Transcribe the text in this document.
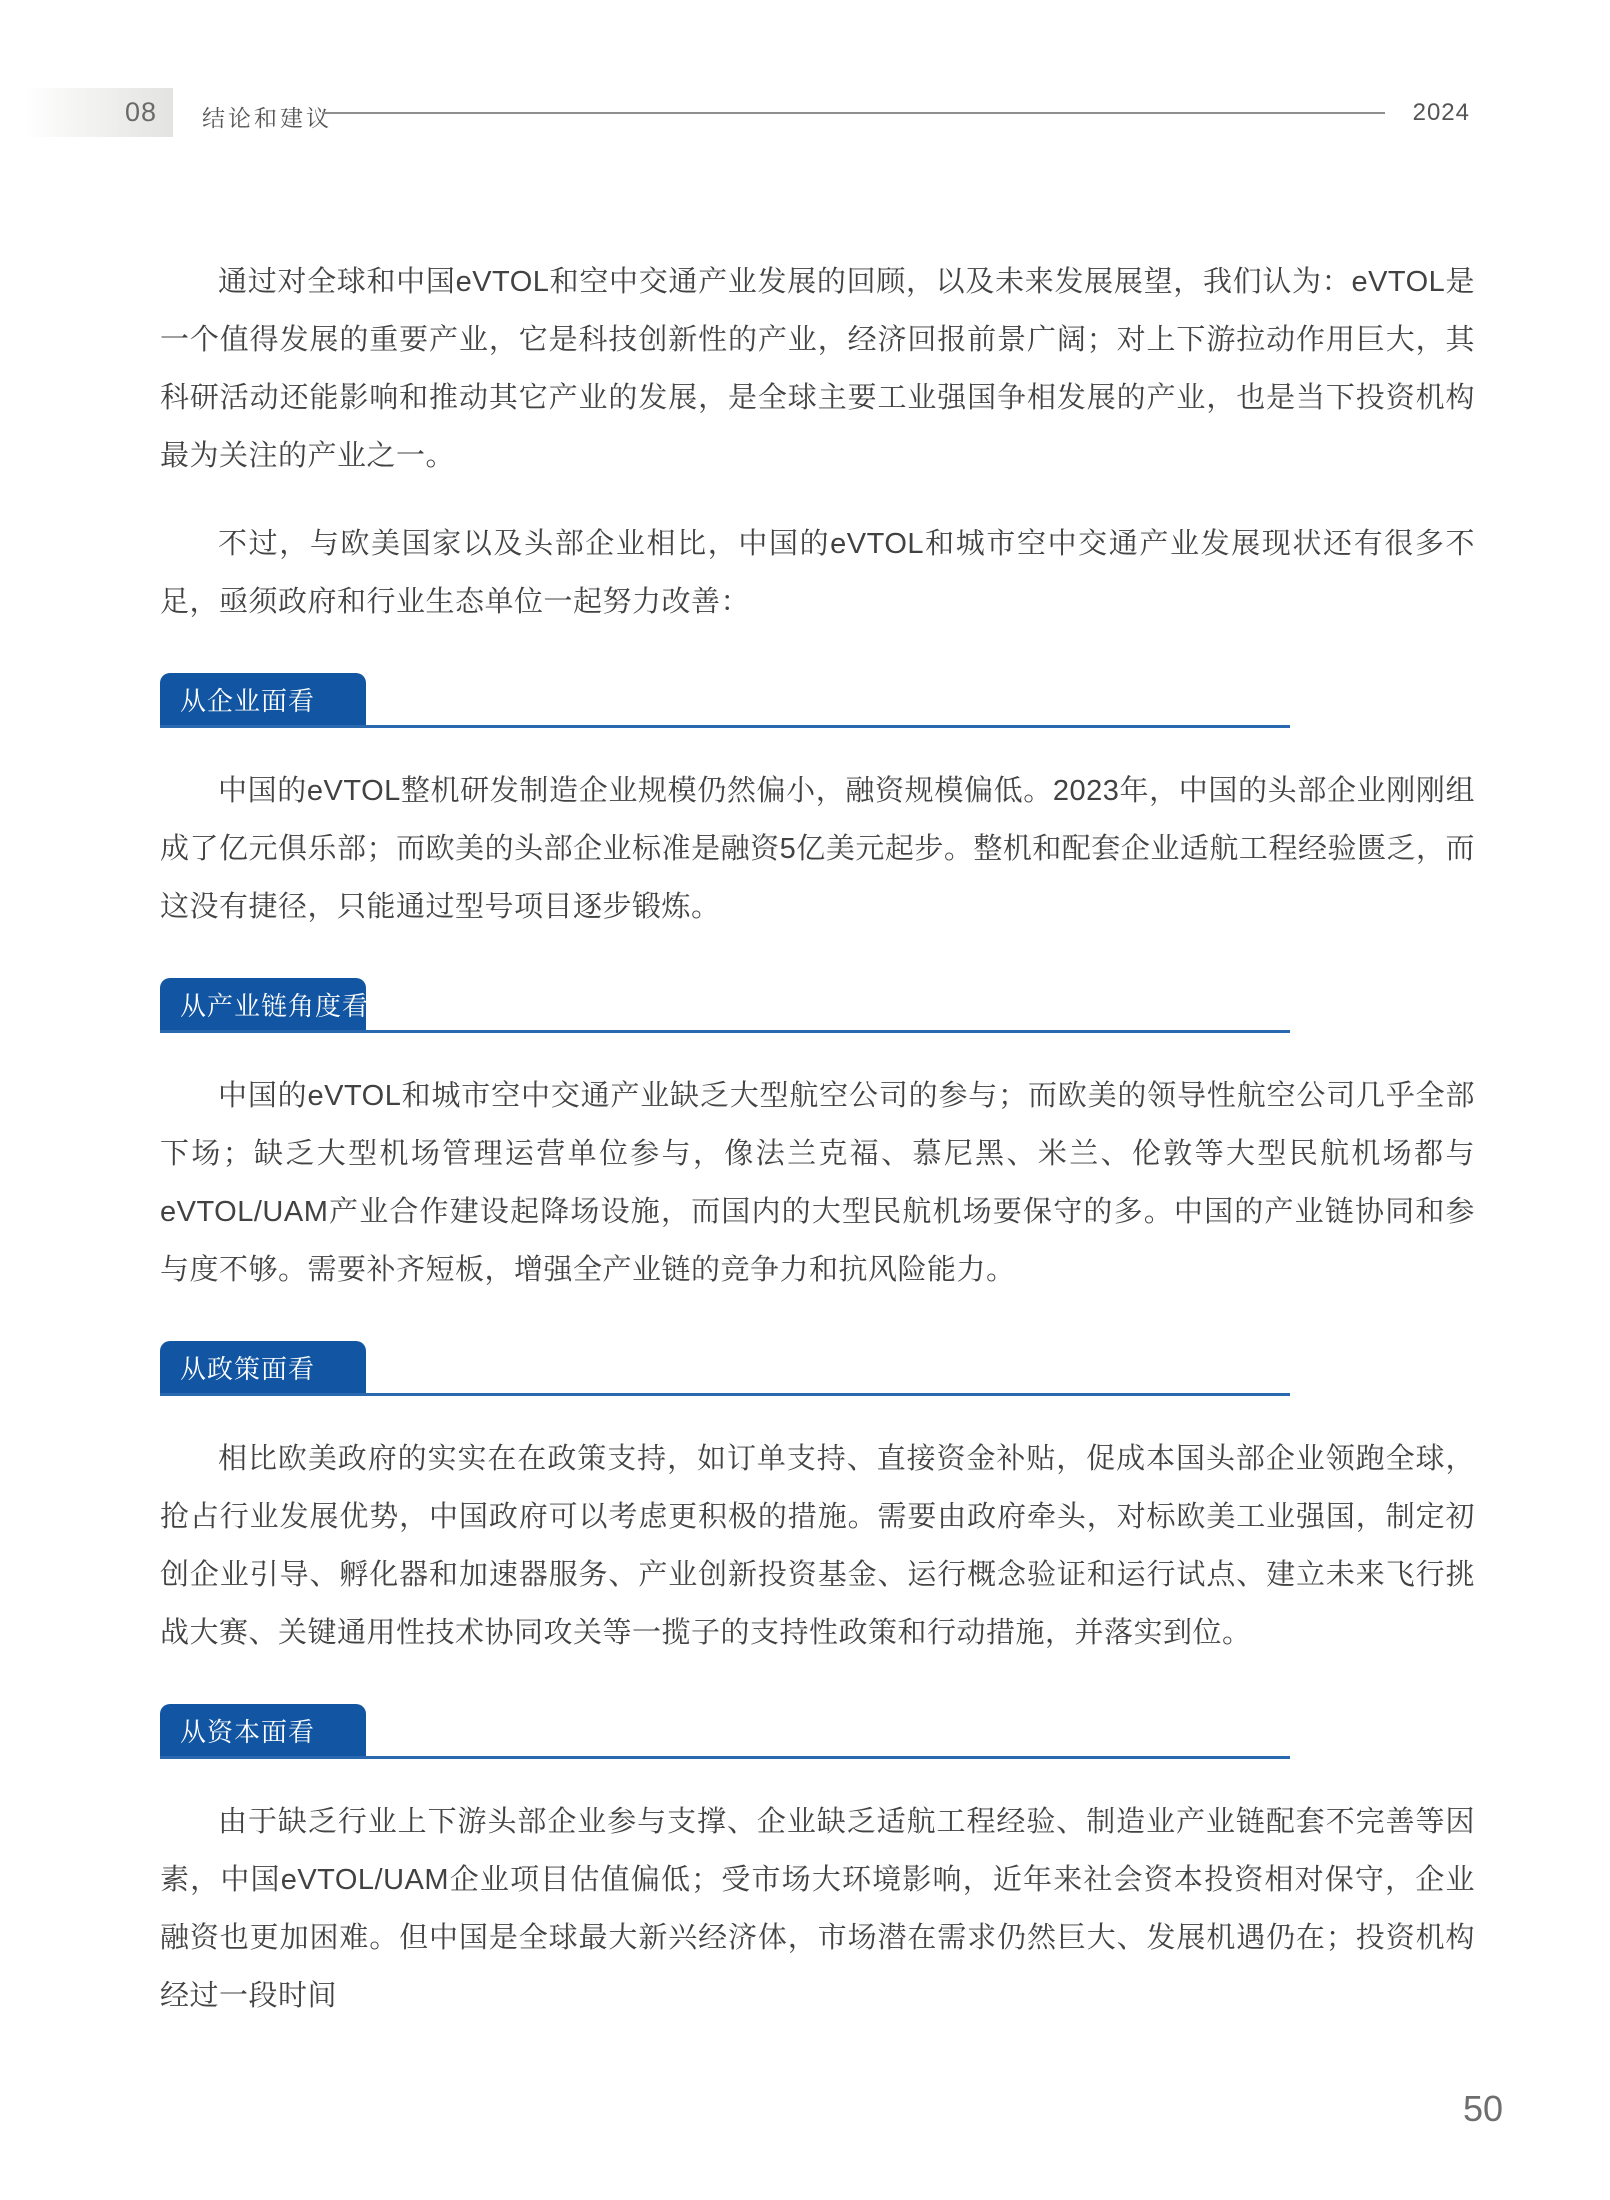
08 结论和建议	2024

通过对全球和中国eVTOL和空中交通产业发展的回顾，以及未来发展展望，我们认为：eVTOL是一个值得发展的重要产业，它是科技创新性的产业，经济回报前景广阔；对上下游拉动作用巨大，其科研活动还能影响和推动其它产业的发展，是全球主要工业强国争相发展的产业，也是当下投资机构最为关注的产业之一。

不过，与欧美国家以及头部企业相比，中国的eVTOL和城市空中交通产业发展现状还有很多不足，亟须政府和行业生态单位一起努力改善：

从企业面看

中国的eVTOL整机研发制造企业规模仍然偏小，融资规模偏低。2023年，中国的头部企业刚刚组成了亿元俱乐部；而欧美的头部企业标准是融资5亿美元起步。整机和配套企业适航工程经验匮乏，而这没有捷径，只能通过型号项目逐步锻炼。

从产业链角度看

中国的eVTOL和城市空中交通产业缺乏大型航空公司的参与；而欧美的领导性航空公司几乎全部下场；缺乏大型机场管理运营单位参与，像法兰克福、慕尼黑、米兰、伦敦等大型民航机场都与eVTOL/UAM产业合作建设起降场设施，而国内的大型民航机场要保守的多。中国的产业链协同和参与度不够。需要补齐短板，增强全产业链的竞争力和抗风险能力。

从政策面看

相比欧美政府的实实在在政策支持，如订单支持、直接资金补贴，促成本国头部企业领跑全球，抢占行业发展优势，中国政府可以考虑更积极的措施。需要由政府牵头，对标欧美工业强国，制定初创企业引导、孵化器和加速器服务、产业创新投资基金、运行概念验证和运行试点、建立未来飞行挑战大赛、关键通用性技术协同攻关等一揽子的支持性政策和行动措施，并落实到位。

从资本面看

由于缺乏行业上下游头部企业参与支撑、企业缺乏适航工程经验、制造业产业链配套不完善等因素，中国eVTOL/UAM企业项目估值偏低；受市场大环境影响，近年来社会资本投资相对保守，企业融资也更加困难。但中国是全球最大新兴经济体，市场潜在需求仍然巨大、发展机遇仍在；投资机构经过一段时间

50
